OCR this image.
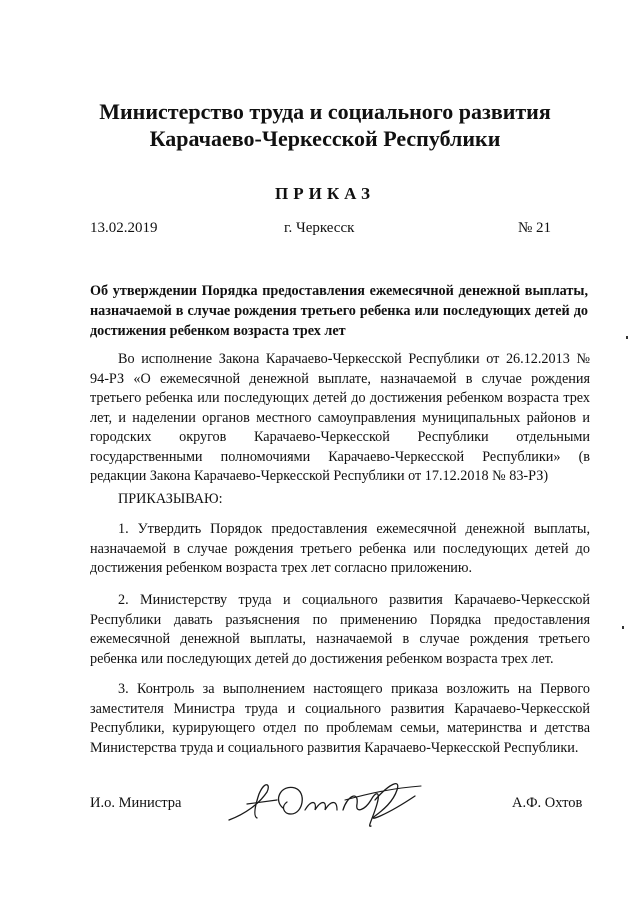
Министерство труда и социального развития
Карачаево-Черкесской Республики
ПРИКАЗ
13.02.2019	г. Черкесск	№ 21
Об утверждении Порядка предоставления ежемесячной денежной выплаты, назначаемой в случае рождения третьего ребенка или последующих детей до достижения ребенком возраста трех лет
Во исполнение Закона Карачаево-Черкесской Республики от 26.12.2013 № 94-РЗ «О ежемесячной денежной выплате, назначаемой в случае рождения третьего ребенка или последующих детей до достижения ребенком возраста трех лет, и наделении органов местного самоуправления муниципальных районов и городских округов Карачаево-Черкесской Республики отдельными государственными полномочиями Карачаево-Черкесской Республики» (в редакции Закона Карачаево-Черкесской Республики от 17.12.2018 № 83-РЗ)
ПРИКАЗЫВАЮ:
1. Утвердить Порядок предоставления ежемесячной денежной выплаты, назначаемой в случае рождения третьего ребенка или последующих детей до достижения ребенком возраста трех лет согласно приложению.
2. Министерству труда и социального развития Карачаево-Черкесской Республики давать разъяснения по применению Порядка предоставления ежемесячной денежной выплаты, назначаемой в случае рождения третьего ребенка или последующих детей до достижения ребенком возраста трех лет.
3. Контроль за выполнением настоящего приказа возложить на Первого заместителя Министра труда и социального развития Карачаево-Черкесской Республики, курирующего отдел по проблемам семьи, материнства и детства Министерства труда и социального развития Карачаево-Черкесской Республики.
И.о. Министра	А.Ф. Охтов
